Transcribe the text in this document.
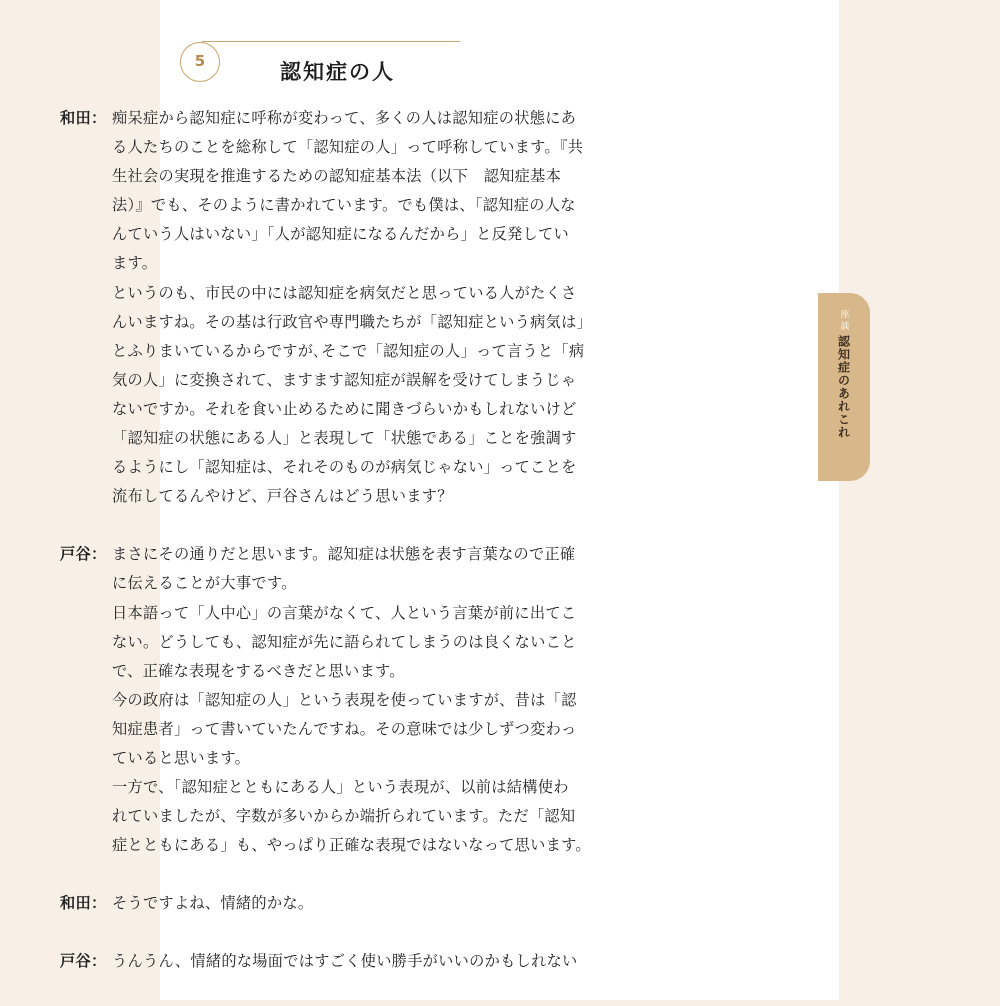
5	認知症の人
和田： 痴呆症から認知症に呼称が変わって、多くの人は認知症の状態にあ
る人たちのことを総称して「認知症の人」って呼称しています。『共
生社会の実現を推進するための認知症基本法（以下　認知症基本
法）』でも、そのように書かれています。でも僕は、「認知症の人な
んていう人はいない」「人が認知症になるんだから」と反発してい
ます。
というのも、市民の中には認知症を病気だと思っている人がたくさ
んいますね。その基は行政官や専門職たちが「認知症という病気は」
とふりまいているからですが､そこで「認知症の人」って言うと「病
気の人」に変換されて、ますます認知症が誤解を受けてしまうじゃ
ないですか。それを食い止めるために聞きづらいかもしれないけど
「認知症の状態にある人」と表現して「状態である」ことを強調す
るようにし「認知症は、それそのものが病気じゃない」ってことを
流布してるんやけど、戸谷さんはどう思います？
戸谷： まさにその通りだと思います。認知症は状態を表す言葉なので正確
に伝えることが大事です。
日本語って「人中心」の言葉がなくて、人という言葉が前に出てこ
ない。どうしても、認知症が先に語られてしまうのは良くないこと
で、正確な表現をするべきだと思います。
今の政府は「認知症の人」という表現を使っていますが、昔は「認
知症患者」って書いていたんですね。その意味では少しずつ変わっ
ていると思います。
一方で、「認知症とともにある人」という表現が、以前は結構使わ
れていましたが、字数が多いからか端折られています。ただ「認知
症とともにある」も、やっぱり正確な表現ではないなって思います。
和田： そうですよね、情緒的かな。
戸谷： うんうん、情緒的な場面ではすごく使い勝手がいいのかもしれない
座談
認知症のあれこれ
